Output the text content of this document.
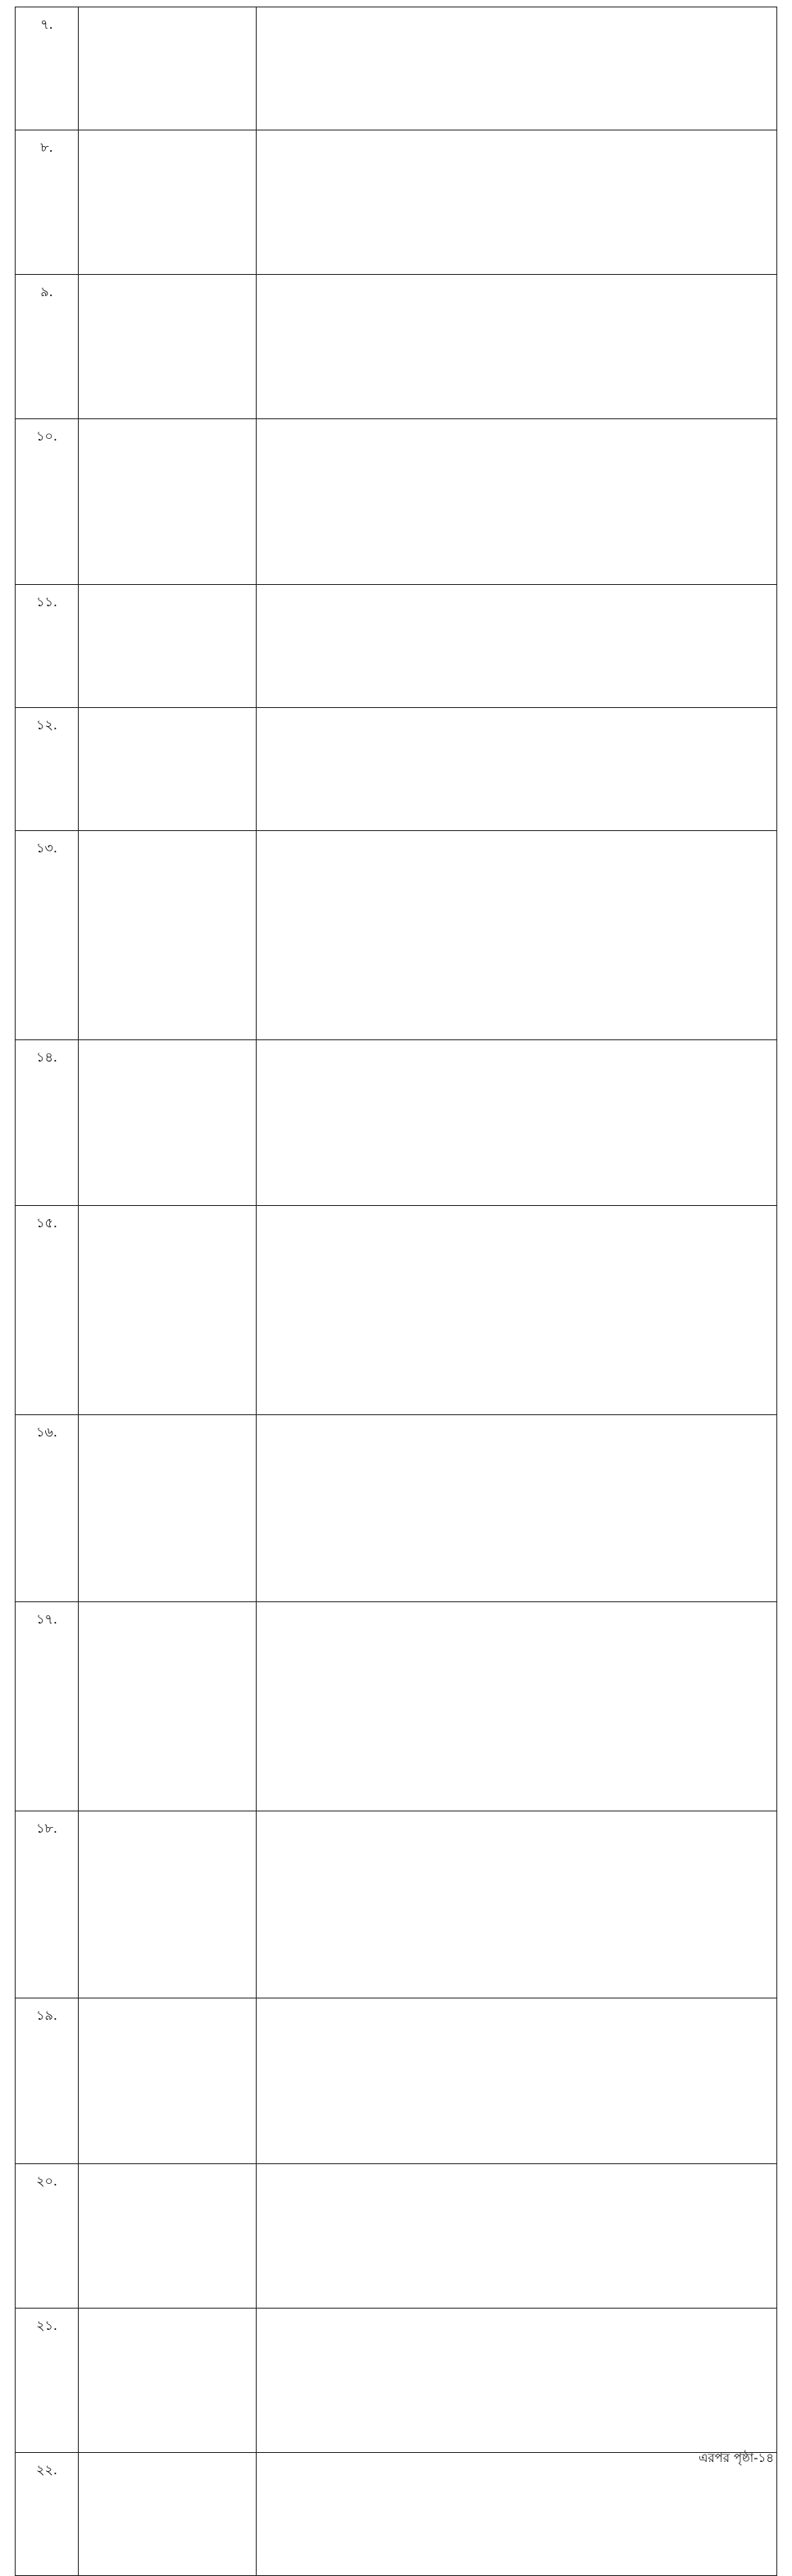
৭.		
৮.		
৯.		
১০.		
১১.		
১২.		
১৩.		
১৪.		
১৫.		
১৬.		
১৭.		
১৮.		
১৯.		
২০.		
২১.		
২২.		
এরপর পৃষ্ঠা-১৪
